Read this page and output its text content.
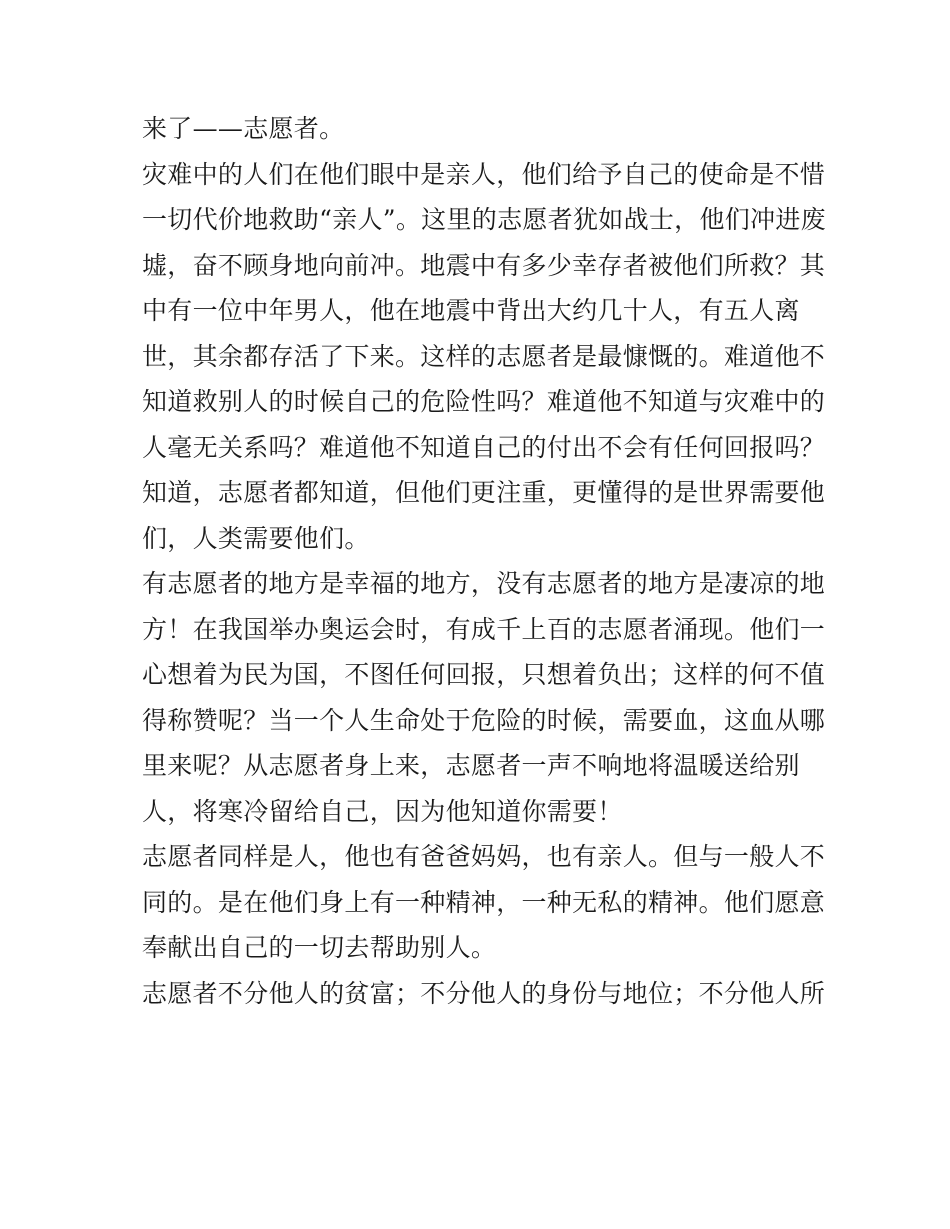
来了——志愿者。
灾难中的人们在他们眼中是亲人，他们给予自己的使命是不惜
一切代价地救助“亲人”。这里的志愿者犹如战士，他们冲进废
墟，奋不顾身地向前冲。地震中有多少幸存者被他们所救？其
中有一位中年男人，他在地震中背出大约几十人，有五人离
世，其余都存活了下来。这样的志愿者是最慷慨的。难道他不
知道救别人的时候自己的危险性吗？难道他不知道与灾难中的
人毫无关系吗？难道他不知道自己的付出不会有任何回报吗？
知道，志愿者都知道，但他们更注重，更懂得的是世界需要他
们，人类需要他们。
有志愿者的地方是幸福的地方，没有志愿者的地方是凄凉的地
方！在我国举办奥运会时，有成千上百的志愿者涌现。他们一
心想着为民为国，不图任何回报，只想着负出；这样的何不值
得称赞呢？当一个人生命处于危险的时候，需要血，这血从哪
里来呢？从志愿者身上来，志愿者一声不响地将温暖送给别
人，将寒冷留给自己，因为他知道你需要！
志愿者同样是人，他也有爸爸妈妈，也有亲人。但与一般人不
同的。是在他们身上有一种精神，一种无私的精神。他们愿意
奉献出自己的一切去帮助别人。
志愿者不分他人的贫富；不分他人的身份与地位；不分他人所
